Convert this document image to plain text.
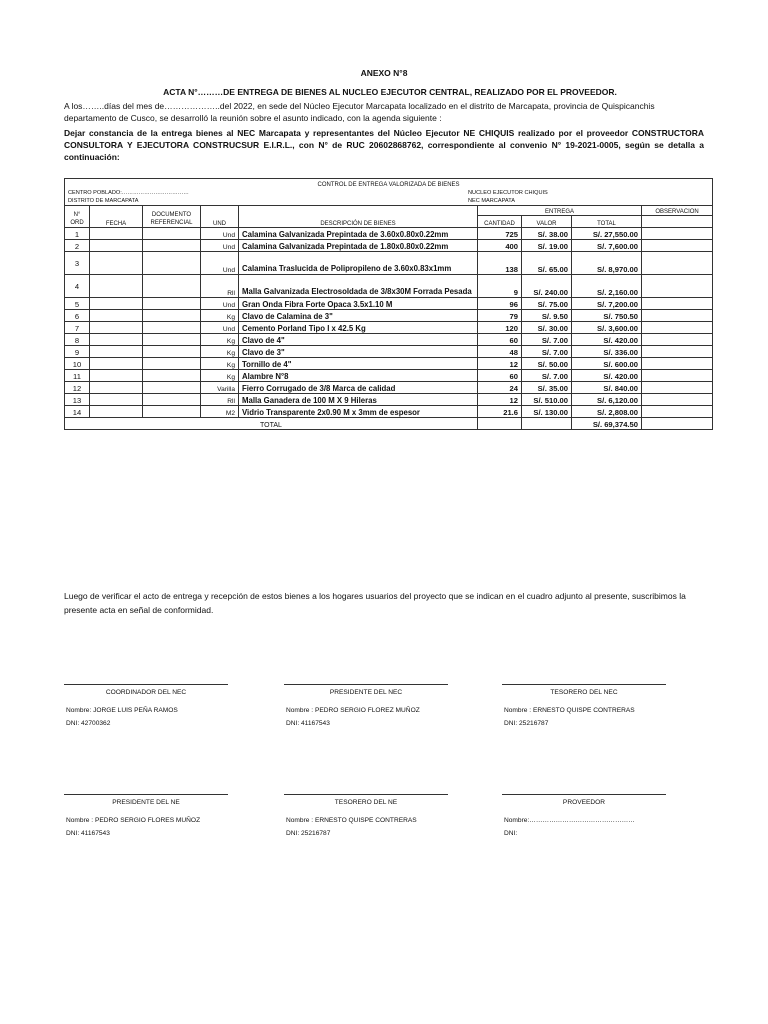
ANEXO N°8
ACTA N°………DE ENTREGA DE BIENES AL NUCLEO EJECUTOR CENTRAL, REALIZADO POR EL PROVEEDOR.
A los……..días del mes de………………..del 2022, en sede del Núcleo Ejecutor Marcapata localizado en el distrito de Marcapata, provincia de Quispicanchis
departamento de Cusco, se desarrolló la reunión sobre el asunto indicado, con la agenda siguiente :
Dejar constancia de la entrega bienes al NEC Marcapata y representantes del Núcleo Ejecutor NE CHIQUIS realizado por el proveedor CONSTRUCTORA CONSULTORA Y EJECUTORA CONSTRUCSUR E.I.R.L., con N° de RUC 20602868762, correspondiente al convenio N° 19-2021-0005, según se detalla a continuación:
CONTROL DE ENTREGA VALORIZADA DE BIENES								

CENTRO POBLADO:………………………………
DISTRITO DE MARCAPATA
NUCLEO EJECUTOR CHIQUIS
NEC MARCAPATA								

N°
ORD	FECHA	DOCUMENTO
REFERENCIAL	UND	DESCRIPCIÓN DE BIENES	ENTREGA			OBSERVACION
					CANTIDAD	VALOR	TOTAL	
1			Und	Calamina Galvanizada Prepintada de 3.60x0.80x0.22mm	725	S/. 38.00	S/. 27,550.00	
2			Und	Calamina Galvanizada Prepintada de 1.80x0.80x0.22mm	400	S/. 19.00	S/. 7,600.00	
3			Und	Calamina Traslucida de Polipropileno de 3.60x0.83x1mm	138	S/. 65.00	S/. 8,970.00	
4			Rll	Malla Galvanizada Electrosoldada de 3/8x30M Forrada Pesada	9	S/. 240.00	S/. 2,160.00	
5			Und	Gran Onda Fibra Forte Opaca 3.5x1.10 M	96	S/. 75.00	S/. 7,200.00	
6			Kg	Clavo de Calamina de 3"	79	S/. 9.50	S/. 750.50	
7			Und	Cemento Porland Tipo I x 42.5 Kg	120	S/. 30.00	S/. 3,600.00	
8			Kg	Clavo de 4"	60	S/. 7.00	S/. 420.00	
9			Kg	Clavo de 3"	48	S/. 7.00	S/. 336.00	
10			Kg	Tornillo de 4"	12	S/. 50.00	S/. 600.00	
11			Kg	Alambre N°8	60	S/. 7.00	S/. 420.00	
12			Varilla	Fierro Corrugado de 3/8 Marca de calidad	24	S/. 35.00	S/. 840.00	
13			Rll	Malla Ganadera de 100 M X 9 Hileras	12	S/. 510.00	S/. 6,120.00	
14			M2	Vidrio Transparente 2x0.90 M x 3mm de espesor	21.6	S/. 130.00	S/. 2,808.00	
TOTAL							S/. 69,374.50	
Luego de verificar el acto de entrega y recepción de estos bienes a los hogares usuarios del proyecto que se indican en el cuadro adjunto al presente, suscribimos la presente acta en señal de conformidad.
COORDINADOR DEL NEC
Nombre: JORGE LUIS PEÑA RAMOS
DNI: 42700362
PRESIDENTE DEL NEC
Nombre : PEDRO SERGIO FLOREZ MUÑOZ
DNI: 41167543
TESORERO DEL NEC
Nombre : ERNESTO QUISPE CONTRERAS
DNI: 25216787
PRESIDENTE DEL NE
Nombre : PEDRO SERGIO FLORES MUÑOZ
DNI: 41167543
TESORERO DEL NE
Nombre : ERNESTO QUISPE CONTRERAS
DNI: 25216787
PROVEEDOR
Nombre:…………………………………………
DNI:
